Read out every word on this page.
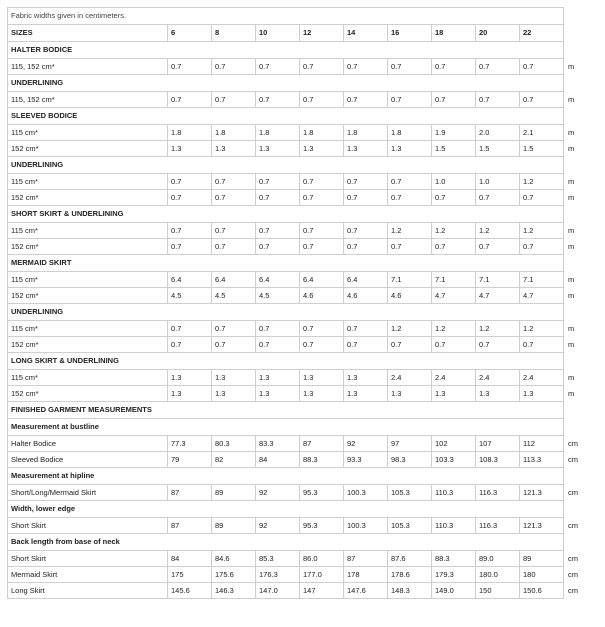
Fabric widths given in centimeters.										
SIZES	6	8	10	12	14	16	18	20	22	
HALTER BODICE										
115, 152 cm*	0.7	0.7	0.7	0.7	0.7	0.7	0.7	0.7	0.7	m
UNDERLINING										
115, 152 cm*	0.7	0.7	0.7	0.7	0.7	0.7	0.7	0.7	0.7	m
SLEEVED BODICE										
115 cm*	1.8	1.8	1.8	1.8	1.8	1.8	1.9	2.0	2.1	m
152 cm*	1.3	1.3	1.3	1.3	1.3	1.3	1.5	1.5	1.5	m
UNDERLINING										
115 cm*	0.7	0.7	0.7	0.7	0.7	0.7	1.0	1.0	1.2	m
152 cm*	0.7	0.7	0.7	0.7	0.7	0.7	0.7	0.7	0.7	m
SHORT SKIRT & UNDERLINING										
115 cm*	0.7	0.7	0.7	0.7	0.7	1.2	1.2	1.2	1.2	m
152 cm*	0.7	0.7	0.7	0.7	0.7	0.7	0.7	0.7	0.7	m
MERMAID SKIRT										
115 cm*	6.4	6.4	6.4	6.4	6.4	7.1	7.1	7.1	7.1	m
152 cm*	4.5	4.5	4.5	4.6	4.6	4.6	4.7	4.7	4.7	m
UNDERLINING										
115 cm*	0.7	0.7	0.7	0.7	0.7	1.2	1.2	1.2	1.2	m
152 cm*	0.7	0.7	0.7	0.7	0.7	0.7	0.7	0.7	0.7	m
LONG SKIRT & UNDERLINING										
115 cm*	1.3	1.3	1.3	1.3	1.3	2.4	2.4	2.4	2.4	m
152 cm*	1.3	1.3	1.3	1.3	1.3	1.3	1.3	1.3	1.3	m
FINISHED GARMENT MEASUREMENTS										
Measurement at bustline										
Halter Bodice	77.3	80.3	83.3	87	92	97	102	107	112	cm
Sleeved Bodice	79	82	84	88.3	93.3	98.3	103.3	108.3	113.3	cm
Measurement at hipline										
Short/Long/Mermaid Skirt	87	89	92	95.3	100.3	105.3	110.3	116.3	121.3	cm
Width, lower edge										
Short Skirt	87	89	92	95.3	100.3	105.3	110.3	116.3	121.3	cm
Back length from base of neck										
Short Skirt	84	84.6	85.3	86.0	87	87.6	88.3	89.0	89	cm
Mermaid Skirt	175	175.6	176.3	177.0	178	178.6	179.3	180.0	180	cm
Long Skirt	145.6	146.3	147.0	147	147.6	148.3	149.0	150	150.6	cm
